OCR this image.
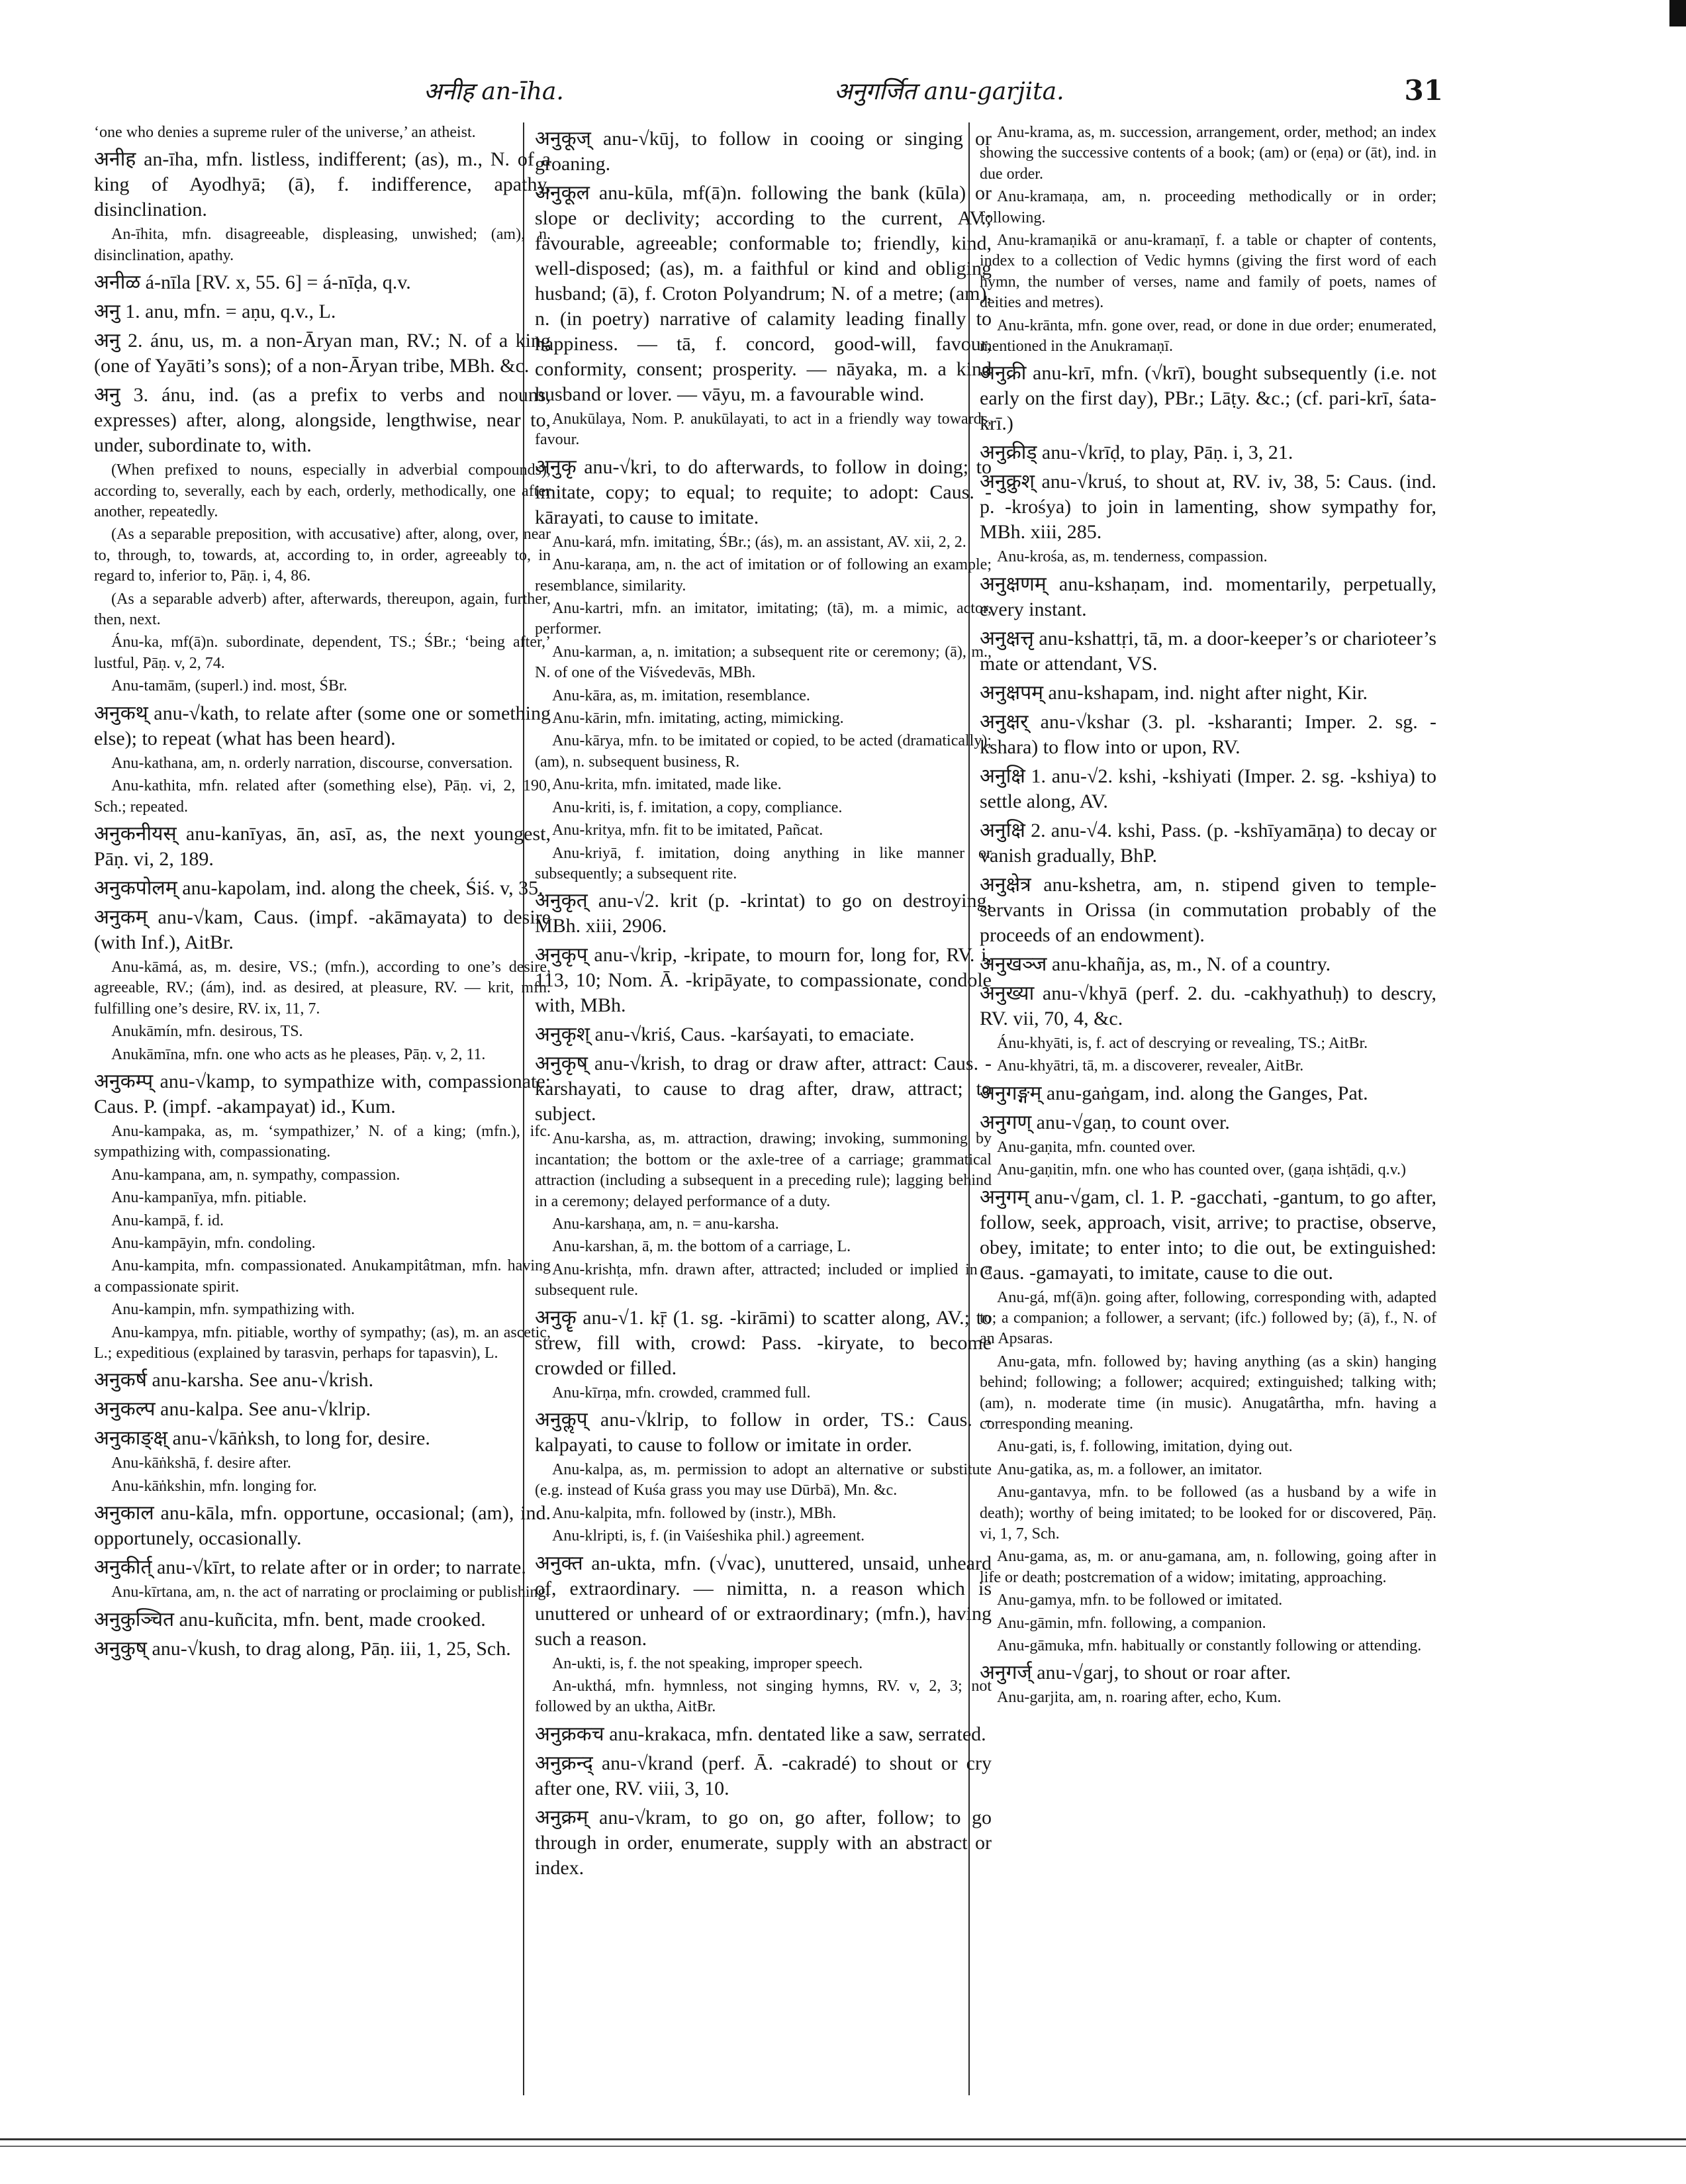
अनीह an-īha.	अनुगर्जित anu-garjita.	31

‘one who denies a supreme ruler of the universe,’ an atheist.

अनीह an-īha, mfn. listless, indifferent; (as), m., N. of a king of Ayodhyā; (ā), f. indifference, apathy, disinclination.

An-īhita, mfn. disagreeable, displeasing, unwished; (am), n. disinclination, apathy.

अनीळ á-nīla [RV. x, 55. 6] = á-nīḍa, q.v.

अनु 1. anu, mfn. = aṇu, q.v., L.

अनु 2. ánu, us, m. a non-Āryan man, RV.; N. of a king (one of Yayāti’s sons); of a non-Āryan tribe, MBh. &c.

अनु 3. ánu, ind. (as a prefix to verbs and nouns, expresses) after, along, alongside, lengthwise, near to, under, subordinate to, with.

(When prefixed to nouns, especially in adverbial compounds), according to, severally, each by each, orderly, methodically, one after another, repeatedly.

(As a separable preposition, with accusative) after, along, over, near to, through, to, towards, at, according to, in order, agreeably to, in regard to, inferior to, Pāṇ. i, 4, 86.

(As a separable adverb) after, afterwards, thereupon, again, further, then, next.

Ánu-ka, mf(ā)n. subordinate, dependent, TS.; ŚBr.; ‘being after,’ lustful, Pāṇ. v, 2, 74.

Anu-tamām, (superl.) ind. most, ŚBr.

अनुकथ् anu-√kath, to relate after (some one or something else); to repeat (what has been heard).

Anu-kathana, am, n. orderly narration, discourse, conversation.

Anu-kathita, mfn. related after (something else), Pāṇ. vi, 2, 190, Sch.; repeated.

अनुकनीयस् anu-kanīyas, ān, asī, as, the next youngest, Pāṇ. vi, 2, 189.

अनुकपोलम् anu-kapolam, ind. along the cheek, Śiś. v, 35.

अनुकम् anu-√kam, Caus. (impf. -akāmayata) to desire (with Inf.), AitBr.

Anu-kāmá, as, m. desire, VS.; (mfn.), according to one’s desire, agreeable, RV.; (ám), ind. as desired, at pleasure, RV. — krit, mfn. fulfilling one’s desire, RV. ix, 11, 7.

Anukāmín, mfn. desirous, TS.

Anukāmīna, mfn. one who acts as he pleases, Pāṇ. v, 2, 11.

अनुकम्प् anu-√kamp, to sympathize with, compassionate: Caus. P. (impf. -akampayat) id., Kum.

Anu-kampaka, as, m. ‘sympathizer,’ N. of a king; (mfn.), ifc. sympathizing with, compassionating.

Anu-kampana, am, n. sympathy, compassion.

Anu-kampanīya, mfn. pitiable.

Anu-kampā, f. id.

Anu-kampāyin, mfn. condoling.

Anu-kampita, mfn. compassionated. Anukampitâtman, mfn. having a compassionate spirit.

Anu-kampin, mfn. sympathizing with.

Anu-kampya, mfn. pitiable, worthy of sympathy; (as), m. an ascetic, L.; expeditious (explained by tarasvin, perhaps for tapasvin), L.

अनुकर्ष anu-karsha. See anu-√krish.

अनुकल्प anu-kalpa. See anu-√klrip.

अनुकाङ्क्ष् anu-√kāṅksh, to long for, desire.

Anu-kāṅkshā, f. desire after.

Anu-kāṅkshin, mfn. longing for.

अनुकाल anu-kāla, mfn. opportune, occasional; (am), ind. opportunely, occasionally.

अनुकीर्त् anu-√kīrt, to relate after or in order; to narrate.

Anu-kīrtana, am, n. the act of narrating or proclaiming or publishing.

अनुकुञ्चित anu-kuñcita, mfn. bent, made crooked.

अनुकुष् anu-√kush, to drag along, Pāṇ. iii, 1, 25, Sch.

अनुकूज् anu-√kūj, to follow in cooing or singing or groaning.

अनुकूल anu-kūla, mf(ā)n. following the bank (kūla) or slope or declivity; according to the current, AV.; favourable, agreeable; conformable to; friendly, kind, well-disposed; (as), m. a faithful or kind and obliging husband; (ā), f. Croton Polyandrum; N. of a metre; (am), n. (in poetry) narrative of calamity leading finally to happiness. — tā, f. concord, good-will, favour, conformity, consent; prosperity. — nāyaka, m. a kind husband or lover. — vāyu, m. a favourable wind.

Anukūlaya, Nom. P. anukūlayati, to act in a friendly way towards, favour.

अनुकृ anu-√kri, to do afterwards, to follow in doing; to imitate, copy; to equal; to requite; to adopt: Caus. -kārayati, to cause to imitate.

Anu-kará, mfn. imitating, ŚBr.; (ás), m. an assistant, AV. xii, 2, 2.

Anu-karaṇa, am, n. the act of imitation or of following an example; resemblance, similarity.

Anu-kartri, mfn. an imitator, imitating; (tā), m. a mimic, actor, performer.

Anu-karman, a, n. imitation; a subsequent rite or ceremony; (ā), m., N. of one of the Viśvedevās, MBh.

Anu-kāra, as, m. imitation, resemblance.

Anu-kārin, mfn. imitating, acting, mimicking.

Anu-kārya, mfn. to be imitated or copied, to be acted (dramatically); (am), n. subsequent business, R.

Anu-krita, mfn. imitated, made like.

Anu-kriti, is, f. imitation, a copy, compliance.

Anu-kritya, mfn. fit to be imitated, Pañcat.

Anu-kriyā, f. imitation, doing anything in like manner or subsequently; a subsequent rite.

अनुकृत् anu-√2. krit (p. -krintat) to go on destroying, MBh. xiii, 2906.

अनुकृप् anu-√krip, -kripate, to mourn for, long for, RV. i, 113, 10; Nom. Ā. -kripāyate, to compassionate, condole with, MBh.

अनुकृश् anu-√kriś, Caus. -karśayati, to emaciate.

अनुकृष् anu-√krish, to drag or draw after, attract: Caus. -karshayati, to cause to drag after, draw, attract; to subject.

Anu-karsha, as, m. attraction, drawing; invoking, summoning by incantation; the bottom or the axle-tree of a carriage; grammatical attraction (including a subsequent in a preceding rule); lagging behind in a ceremony; delayed performance of a duty.

Anu-karshaṇa, am, n. = anu-karsha.

Anu-karshan, ā, m. the bottom of a carriage, L.

Anu-krishṭa, mfn. drawn after, attracted; included or implied in a subsequent rule.

अनुकॄ anu-√1. kṝ (1. sg. -kirāmi) to scatter along, AV.; to strew, fill with, crowd: Pass. -kiryate, to become crowded or filled.

Anu-kīrṇa, mfn. crowded, crammed full.

अनुकॢप् anu-√klrip, to follow in order, TS.: Caus. -kalpayati, to cause to follow or imitate in order.

Anu-kalpa, as, m. permission to adopt an alternative or substitute (e.g. instead of Kuśa grass you may use Dūrbā), Mn. &c.

Anu-kalpita, mfn. followed by (instr.), MBh.

Anu-klripti, is, f. (in Vaiśeshika phil.) agreement.

अनुक्त an-ukta, mfn. (√vac), unuttered, unsaid, unheard of, extraordinary. — nimitta, n. a reason which is unuttered or unheard of or extraordinary; (mfn.), having such a reason.

An-ukti, is, f. the not speaking, improper speech.

An-ukthá, mfn. hymnless, not singing hymns, RV. v, 2, 3; not followed by an uktha, AitBr.

अनुक्रकच anu-krakaca, mfn. dentated like a saw, serrated.

अनुक्रन्द् anu-√krand (perf. Ā. -cakradé) to shout or cry after one, RV. viii, 3, 10.

अनुक्रम् anu-√kram, to go on, go after, follow; to go through in order, enumerate, supply with an abstract or index.

Anu-krama, as, m. succession, arrangement, order, method; an index showing the successive contents of a book; (am) or (eṇa) or (āt), ind. in due order.

Anu-kramaṇa, am, n. proceeding methodically or in order; following.

Anu-kramaṇikā or anu-kramaṇī, f. a table or chapter of contents, index to a collection of Vedic hymns (giving the first word of each hymn, the number of verses, name and family of poets, names of deities and metres).

Anu-krānta, mfn. gone over, read, or done in due order; enumerated, mentioned in the Anukramaṇī.

अनुक्री anu-krī, mfn. (√krī), bought subsequently (i.e. not early on the first day), PBr.; Lāṭy. &c.; (cf. pari-krī, śata-krī.)

अनुक्रीड् anu-√krīḍ, to play, Pāṇ. i, 3, 21.

अनुक्रुश् anu-√kruś, to shout at, RV. iv, 38, 5: Caus. (ind. p. -krośya) to join in lamenting, show sympathy for, MBh. xiii, 285.

Anu-krośa, as, m. tenderness, compassion.

अनुक्षणम् anu-kshaṇam, ind. momentarily, perpetually, every instant.

अनुक्षत्तृ anu-kshattṛi, tā, m. a door-keeper’s or charioteer’s mate or attendant, VS.

अनुक्षपम् anu-kshapam, ind. night after night, Kir.

अनुक्षर् anu-√kshar (3. pl. -ksharanti; Imper. 2. sg. -kshara) to flow into or upon, RV.

अनुक्षि 1. anu-√2. kshi, -kshiyati (Imper. 2. sg. -kshiya) to settle along, AV.

अनुक्षि 2. anu-√4. kshi, Pass. (p. -kshīyamāṇa) to decay or vanish gradually, BhP.

अनुक्षेत्र anu-kshetra, am, n. stipend given to temple-servants in Orissa (in commutation probably of the proceeds of an endowment).

अनुखञ्ज anu-khañja, as, m., N. of a country.

अनुख्या anu-√khyā (perf. 2. du. -cakhyathuḥ) to descry, RV. vii, 70, 4, &c.

Ánu-khyāti, is, f. act of descrying or revealing, TS.; AitBr.

Anu-khyātri, tā, m. a discoverer, revealer, AitBr.

अनुगङ्गम् anu-gaṅgam, ind. along the Ganges, Pat.

अनुगण् anu-√gaṇ, to count over.

Anu-gaṇita, mfn. counted over.

Anu-gaṇitin, mfn. one who has counted over, (gaṇa ishṭādi, q.v.)

अनुगम् anu-√gam, cl. 1. P. -gacchati, -gantum, to go after, follow, seek, approach, visit, arrive; to practise, observe, obey, imitate; to enter into; to die out, be extinguished: Caus. -gamayati, to imitate, cause to die out.

Anu-gá, mf(ā)n. going after, following, corresponding with, adapted to; a companion; a follower, a servant; (ifc.) followed by; (ā), f., N. of an Apsaras.

Anu-gata, mfn. followed by; having anything (as a skin) hanging behind; following; a follower; acquired; extinguished; talking with; (am), n. moderate time (in music). Anugatârtha, mfn. having a corresponding meaning.

Anu-gati, is, f. following, imitation, dying out.

Anu-gatika, as, m. a follower, an imitator.

Anu-gantavya, mfn. to be followed (as a husband by a wife in death); worthy of being imitated; to be looked for or discovered, Pāṇ. vi, 1, 7, Sch.

Anu-gama, as, m. or anu-gamana, am, n. following, going after in life or death; postcremation of a widow; imitating, approaching.

Anu-gamya, mfn. to be followed or imitated.

Anu-gāmin, mfn. following, a companion.

Anu-gāmuka, mfn. habitually or constantly following or attending.

अनुगर्ज् anu-√garj, to shout or roar after.

Anu-garjita, am, n. roaring after, echo, Kum.
